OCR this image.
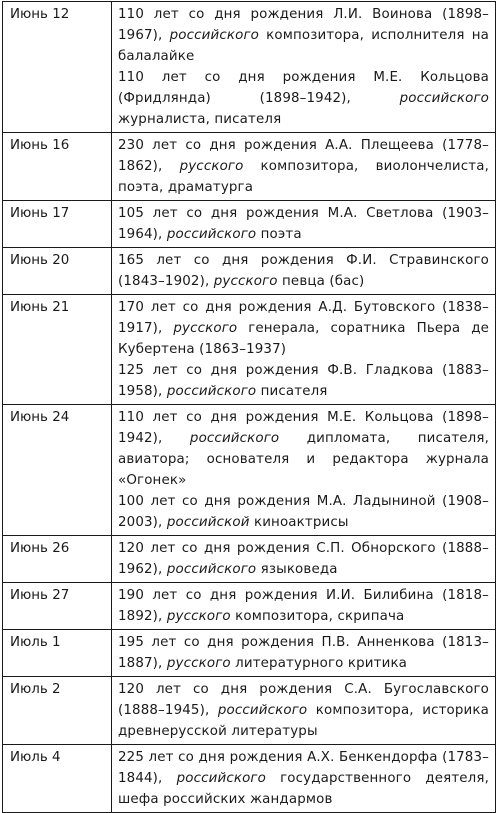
Июнь 12	110 лет со дня рождения Л.И. Воинова (1898–1967), российского композитора, исполнителя на балалайке
110 лет со дня рождения М.Е. Кольцова (Фридлянда) (1898–1942), российского журналиста, писателя

Июнь 16	230 лет со дня рождения А.А. Плещеева (1778–1862), русского композитора, виолончелиста, поэта, драматурга

Июнь 17	105 лет со дня рождения М.А. Светлова (1903–1964), российского поэта

Июнь 20	165 лет со дня рождения Ф.И. Стравинского (1843–1902), русского певца (бас)

Июнь 21	170 лет со дня рождения А.Д. Бутовского (1838–1917), русского генерала, соратника Пьера де Кубертена (1863–1937)
125 лет со дня рождения Ф.В. Гладкова (1883–1958), российского писателя

Июнь 24	110 лет со дня рождения М.Е. Кольцова (1898–1942), российского дипломата, писателя, авиатора; основателя и редактора журнала «Огонек»
100 лет со дня рождения М.А. Ладыниной (1908–2003), российской киноактрисы

Июнь 26	120 лет со дня рождения С.П. Обнорского (1888–1962), российского языковеда

Июнь 27	190 лет со дня рождения И.И. Билибина (1818–1892), русского композитора, скрипача

Июль 1	195 лет со дня рождения П.В. Анненкова (1813–1887), русского литературного критика

Июль 2	120 лет со дня рождения С.А. Бугославского (1888–1945), российского композитора, историка древнерусской литературы

Июль 4	225 лет со дня рождения А.Х. Бенкендорфа (1783–1844), российского государственного деятеля, шефа российских жандармов
